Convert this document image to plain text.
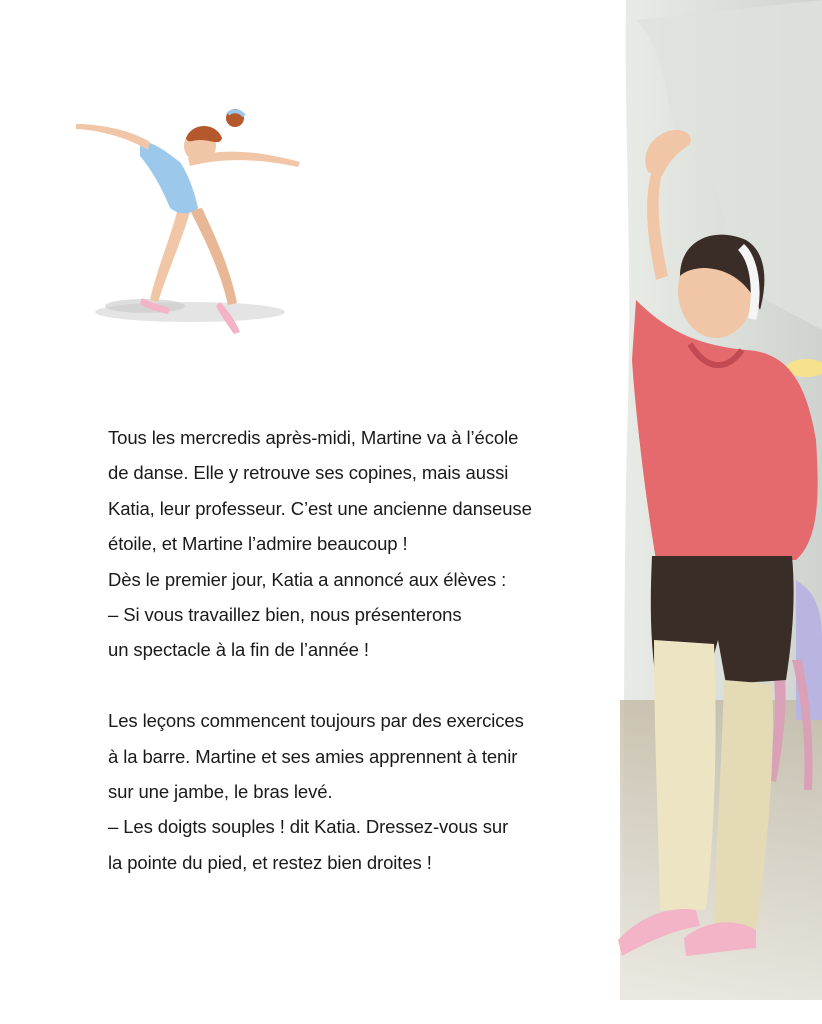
Tous les mercredis après-midi, Martine va à l’école
de danse. Elle y retrouve ses copines, mais aussi
Katia, leur professeur. C’est une ancienne danseuse
étoile, et Martine l’admire beaucoup !
Dès le premier jour, Katia a annoncé aux élèves :
– Si vous travaillez bien, nous présenterons
un spectacle à la fin de l’année !
Les leçons commencent toujours par des exercices
à la barre. Martine et ses amies apprennent à tenir
sur une jambe, le bras levé.
– Les doigts souples ! dit Katia. Dressez-vous sur
la pointe du pied, et restez bien droites !
